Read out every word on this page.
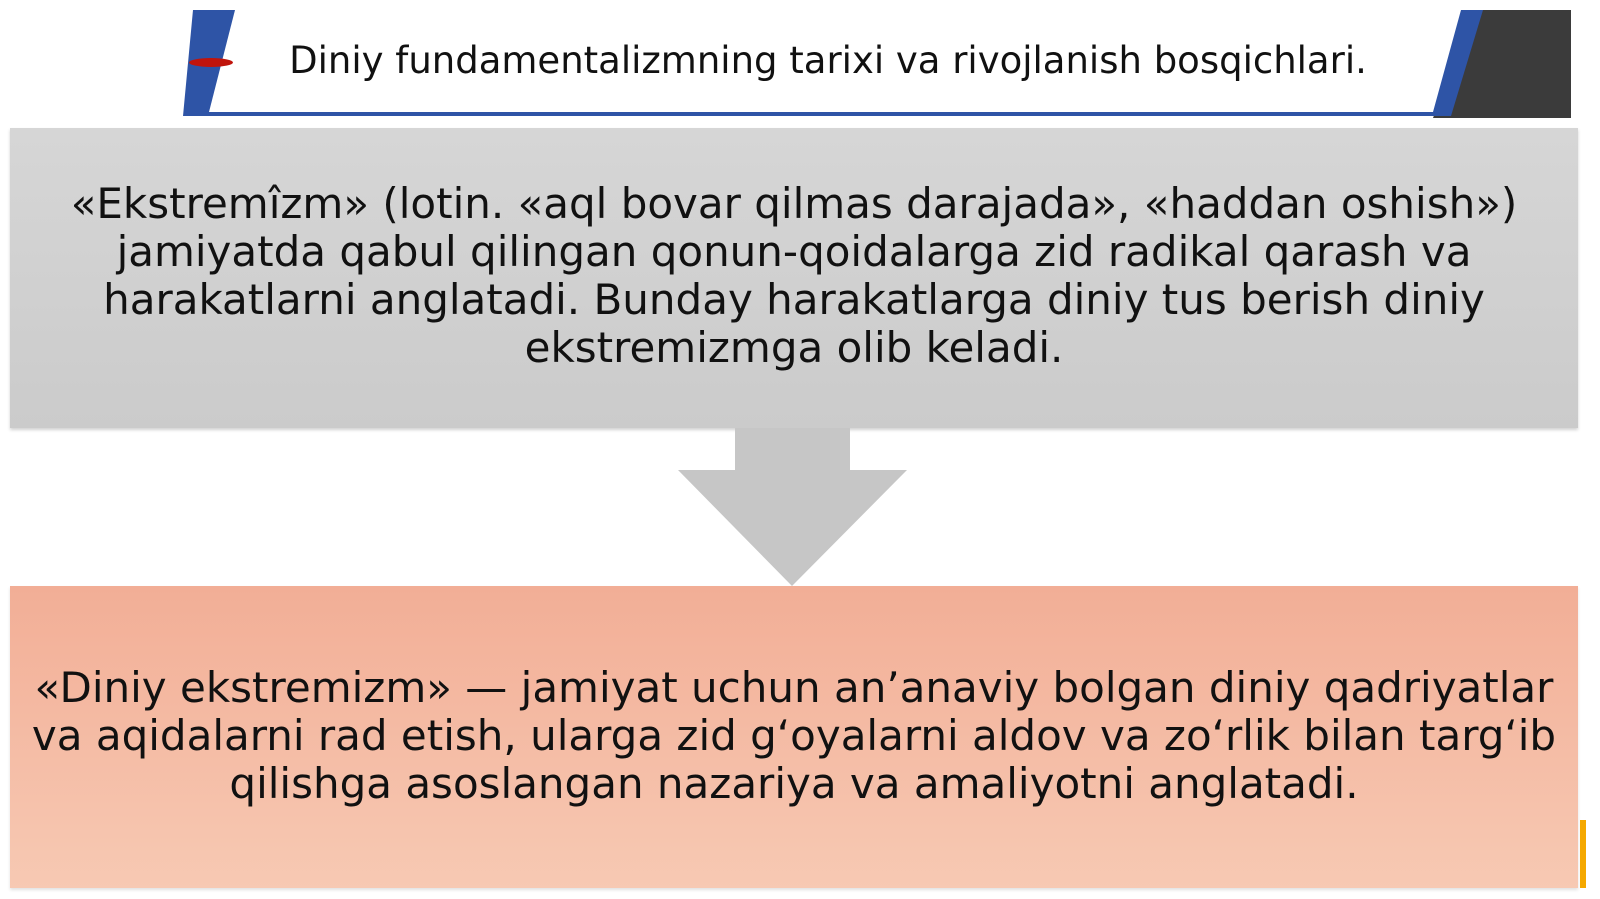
Diniy fundamentalizmning tarixi va rivojlanish bosqichlari.
«Ekstremîzm» (lotin. «aql bovar qilmas darajada», «haddan oshish») jamiyatda qabul qilingan qonun-qoidalarga zid radikal qarash va harakatlarni anglatadi. Bunday harakatlarga diniy tus berish diniy ekstremizmga olib keladi.
«Diniy ekstremizm» — jamiyat uchun an’anaviy bolgan diniy qadriyatlar va aqidalarni rad etish, ularga zid g‘oyalarni aldov va zo‘rlik bilan targ‘ib qilishga asoslangan nazariya va amaliyotni anglatadi.
